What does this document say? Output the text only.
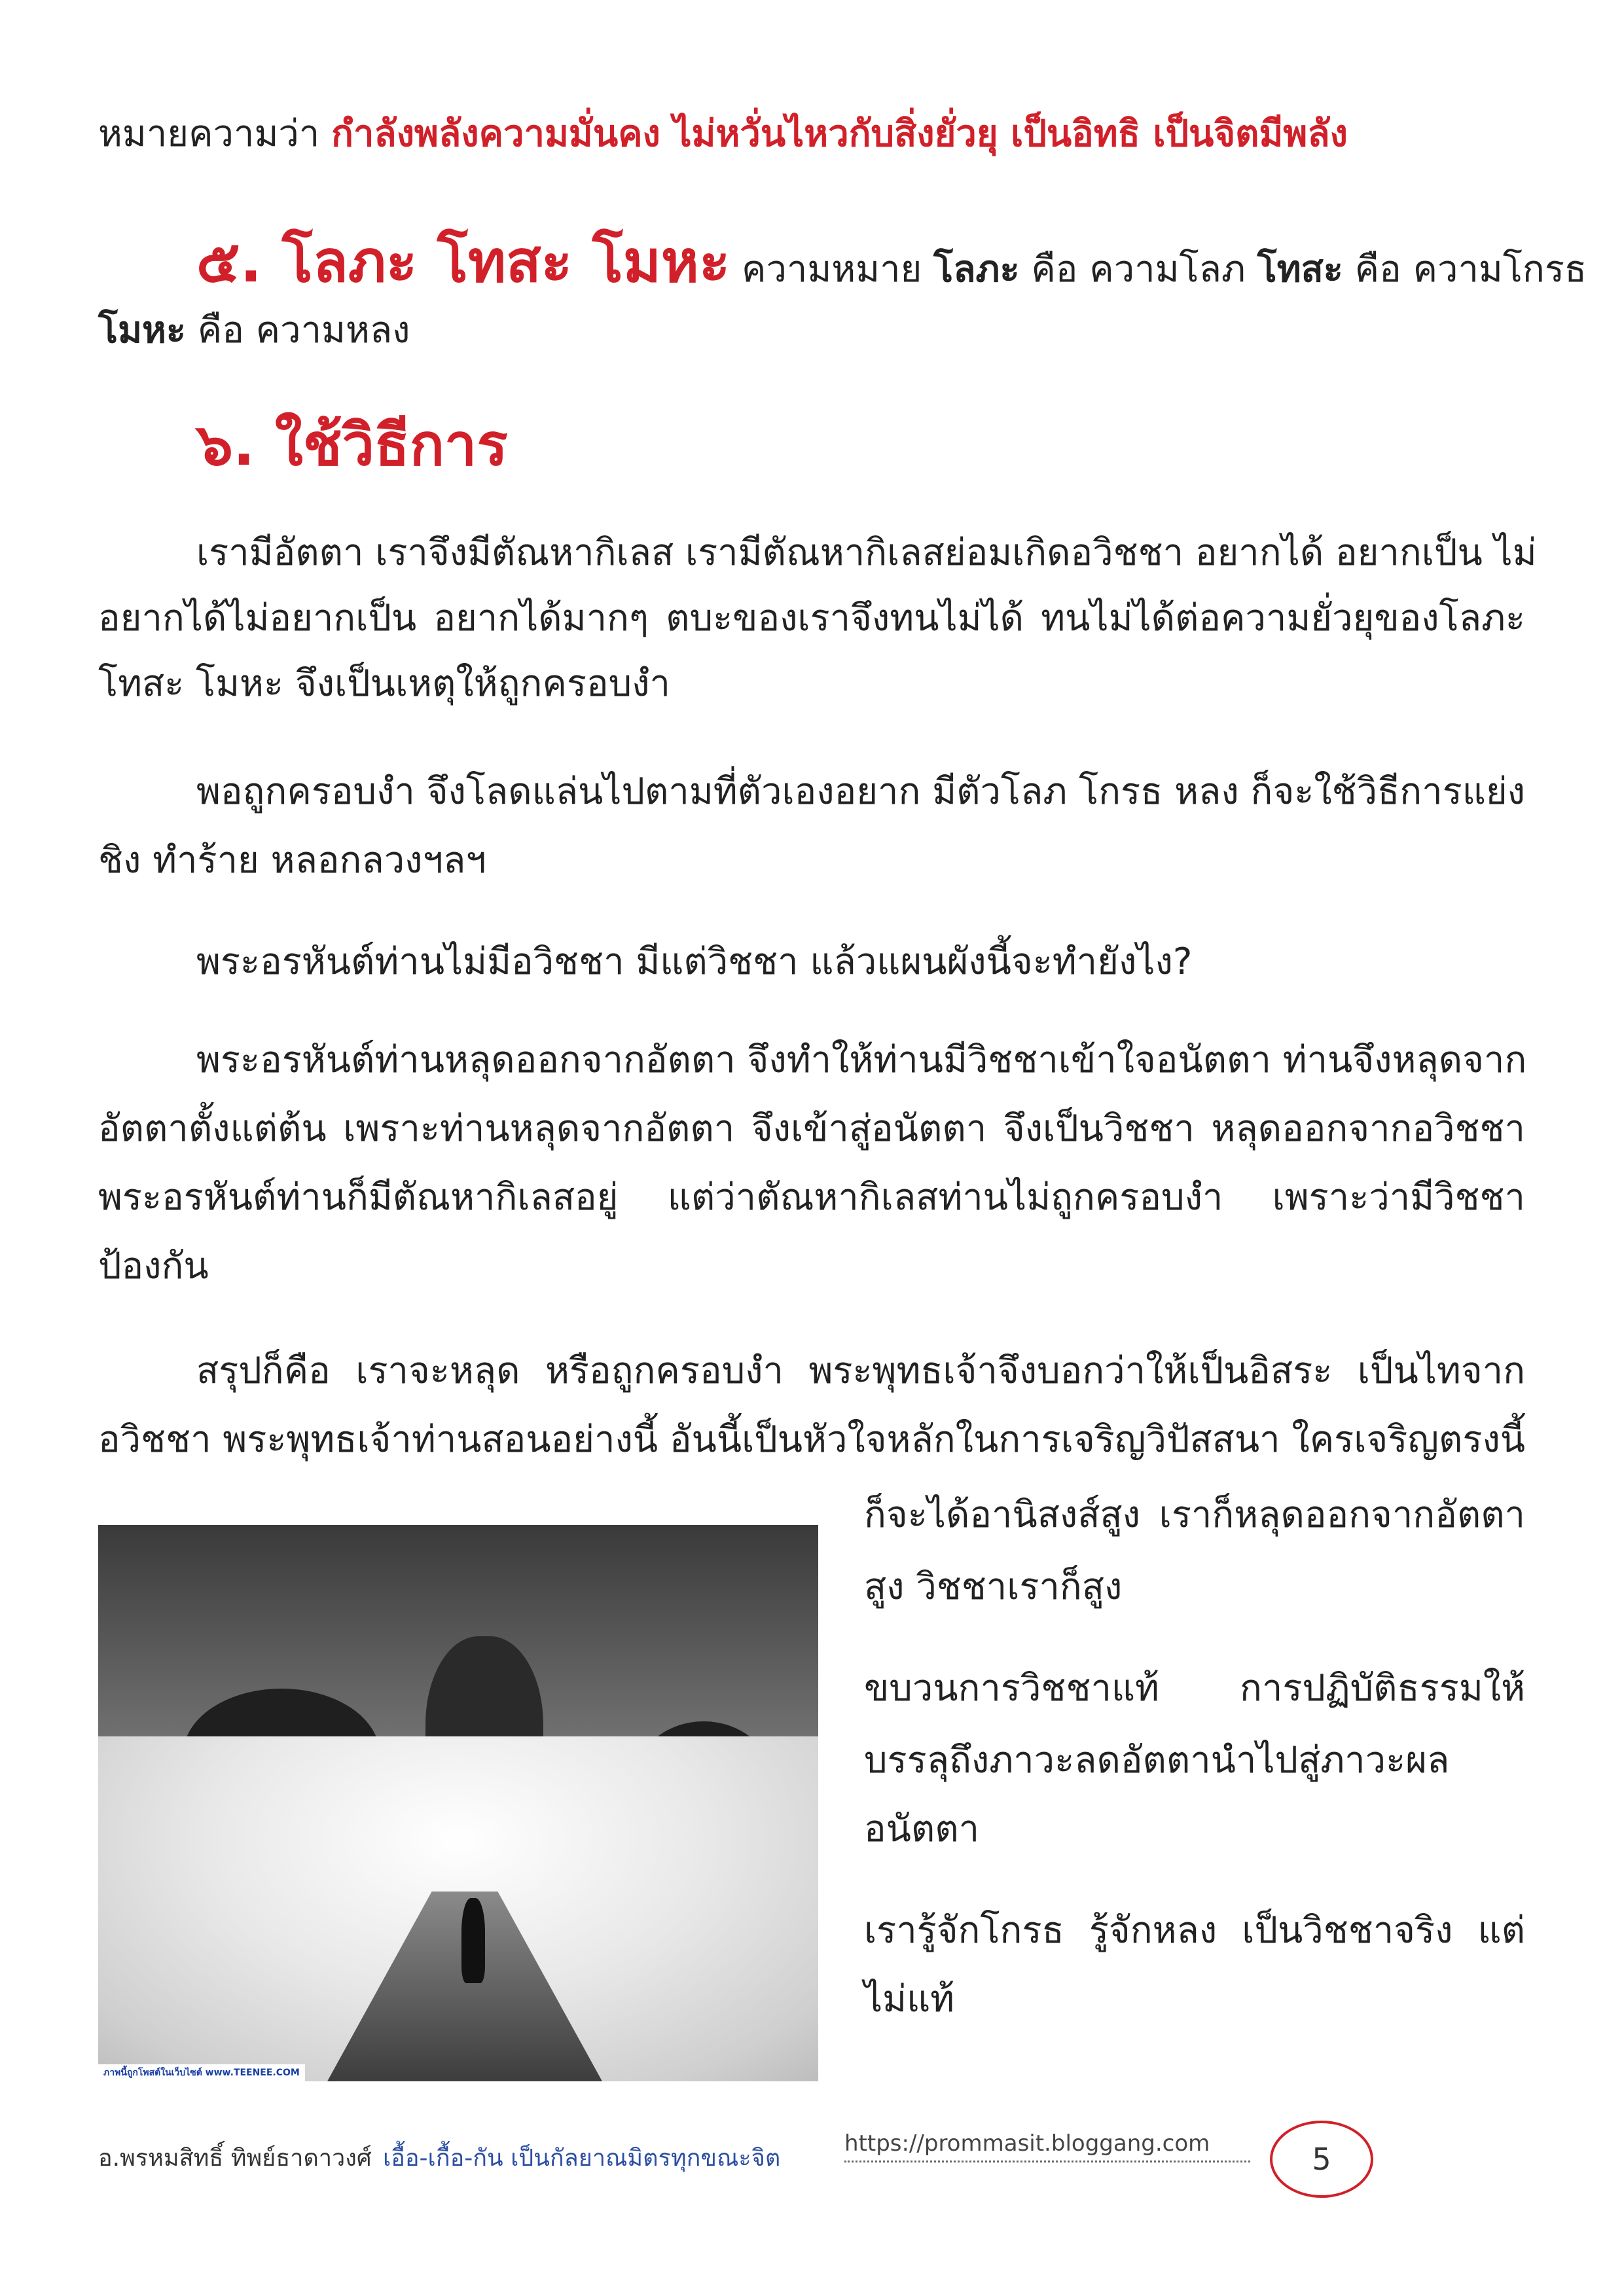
หมายความว่า กำลังพลังความมั่นคง ไม่หวั่นไหวกับสิ่งยั่วยุ เป็นอิทธิ เป็นจิตมีพลัง
๕. โลภะ โทสะ โมหะ ความหมาย โลภะ คือ ความโลภ โทสะ คือ ความโกรธ
โมหะ คือ ความหลง
๖. ใช้วิธีการ
เรามีอัตตา เราจึงมีตัณหากิเลส เรามีตัณหากิเลสย่อมเกิดอวิชชา อยากได้ อยากเป็น ไม่
อยากได้ไม่อยากเป็น อยากได้มากๆ ตบะของเราจึงทนไม่ได้ ทนไม่ได้ต่อความยั่วยุของโลภะ
โทสะ โมหะ จึงเป็นเหตุให้ถูกครอบงำ
พอถูกครอบงำ จึงโลดแล่นไปตามที่ตัวเองอยาก มีตัวโลภ โกรธ หลง ก็จะใช้วิธีการแย่ง
ชิง ทำร้าย หลอกลวงฯลฯ
พระอรหันต์ท่านไม่มีอวิชชา มีแต่วิชชา แล้วแผนผังนี้จะทำยังไง?
พระอรหันต์ท่านหลุดออกจากอัตตา จึงทำให้ท่านมีวิชชาเข้าใจอนัตตา ท่านจึงหลุดจาก
อัตตาตั้งแต่ต้น เพราะท่านหลุดจากอัตตา จึงเข้าสู่อนัตตา จึงเป็นวิชชา หลุดออกจากอวิชชา
พระอรหันต์ท่านก็มีตัณหากิเลสอยู่ แต่ว่าตัณหากิเลสท่านไม่ถูกครอบงำ เพราะว่ามีวิชชา
ป้องกัน
สรุปก็คือ เราจะหลุด หรือถูกครอบงำ พระพุทธเจ้าจึงบอกว่าให้เป็นอิสระ เป็นไทจาก
อวิชชา พระพุทธเจ้าท่านสอนอย่างนี้ อันนี้เป็นหัวใจหลักในการเจริญวิปัสสนา ใครเจริญตรงนี้
ก็จะได้อานิสงส์สูง เราก็หลุดออกจากอัตตา
สูง วิชชาเราก็สูง
ขบวนการวิชชาแท้ การปฏิบัติธรรมให้
บรรลุถึงภาวะลดอัตตานำไปสู่ภาวะผล
อนัตตา
เรารู้จักโกรธ รู้จักหลง เป็นวิชชาจริง แต่
ไม่แท้
ภาพนี้ถูกโพสต์ในเว็บไซต์ www.TEENEE.COM
อ.พรหมสิทธิ์ ทิพย์ธาดาวงศ์ เอื้อ-เกื้อ-กัน เป็นกัลยาณมิตรทุกขณะจิต
https://prommasit.bloggang.com	5
